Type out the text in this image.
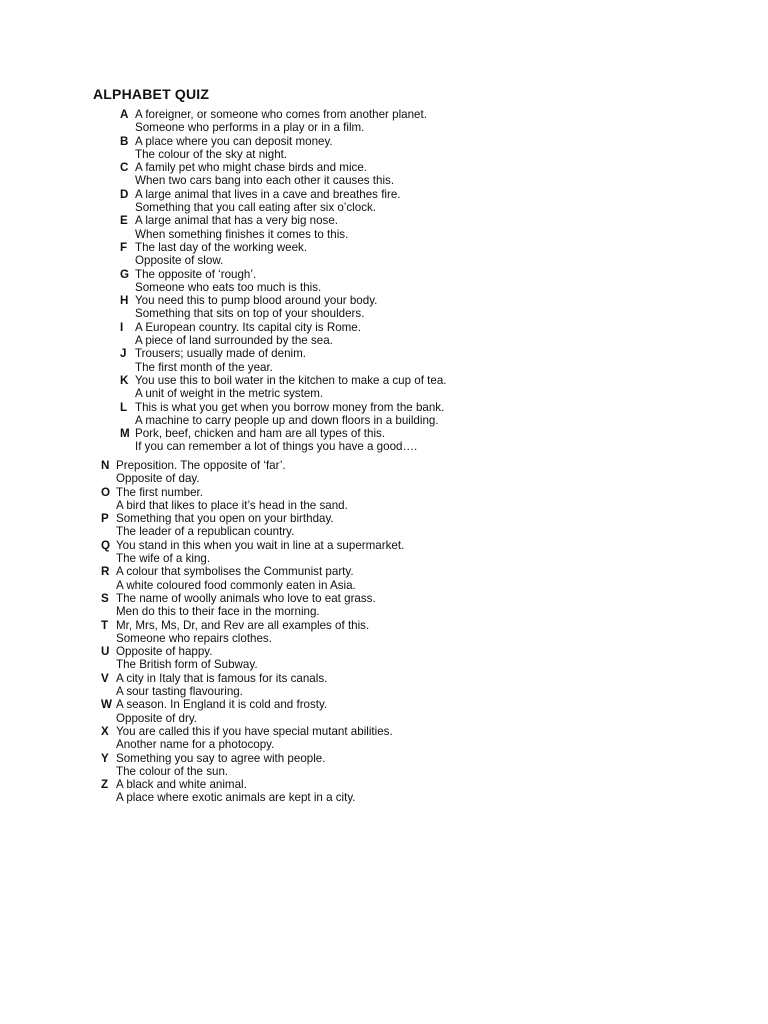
ALPHABET QUIZ
A A foreigner, or someone who comes from another planet.
Someone who performs in a play or in a film.
B A place where you can deposit money.
The colour of the sky at night.
C A family pet who might chase birds and mice.
When two cars bang into each other it causes this.
D A large animal that lives in a cave and breathes fire.
Something that you call eating after six o’clock.
E A large animal that has a very big nose.
When something finishes it comes to this.
F The last day of the working week.
Opposite of slow.
G The opposite of ‘rough’.
Someone who eats too much is this.
H You need this to pump blood around your body.
Something that sits on top of your shoulders.
I A European country. Its capital city is Rome.
A piece of land surrounded by the sea.
J Trousers; usually made of denim.
The first month of the year.
K You use this to boil water in the kitchen to make a cup of tea.
A unit of weight in the metric system.
L This is what you get when you borrow money from the bank.
A machine to carry people up and down floors in a building.
M Pork, beef, chicken and ham are all types of this.
If you can remember a lot of things you have a good….
N Preposition. The opposite of ‘far’.
Opposite of day.
O The first number.
A bird that likes to place it’s head in the sand.
P Something that you open on your birthday.
The leader of a republican country.
Q You stand in this when you wait in line at a supermarket.
The wife of a king.
R A colour that symbolises the Communist party.
A white coloured food commonly eaten in Asia.
S The name of woolly animals who love to eat grass.
Men do this to their face in the morning.
T Mr, Mrs, Ms, Dr, and Rev are all examples of this.
Someone who repairs clothes.
U Opposite of happy.
The British form of Subway.
V A city in Italy that is famous for its canals.
A sour tasting flavouring.
W A season. In England it is cold and frosty.
Opposite of dry.
X You are called this if you have special mutant abilities.
Another name for a photocopy.
Y Something you say to agree with people.
The colour of the sun.
Z A black and white animal.
A place where exotic animals are kept in a city.
